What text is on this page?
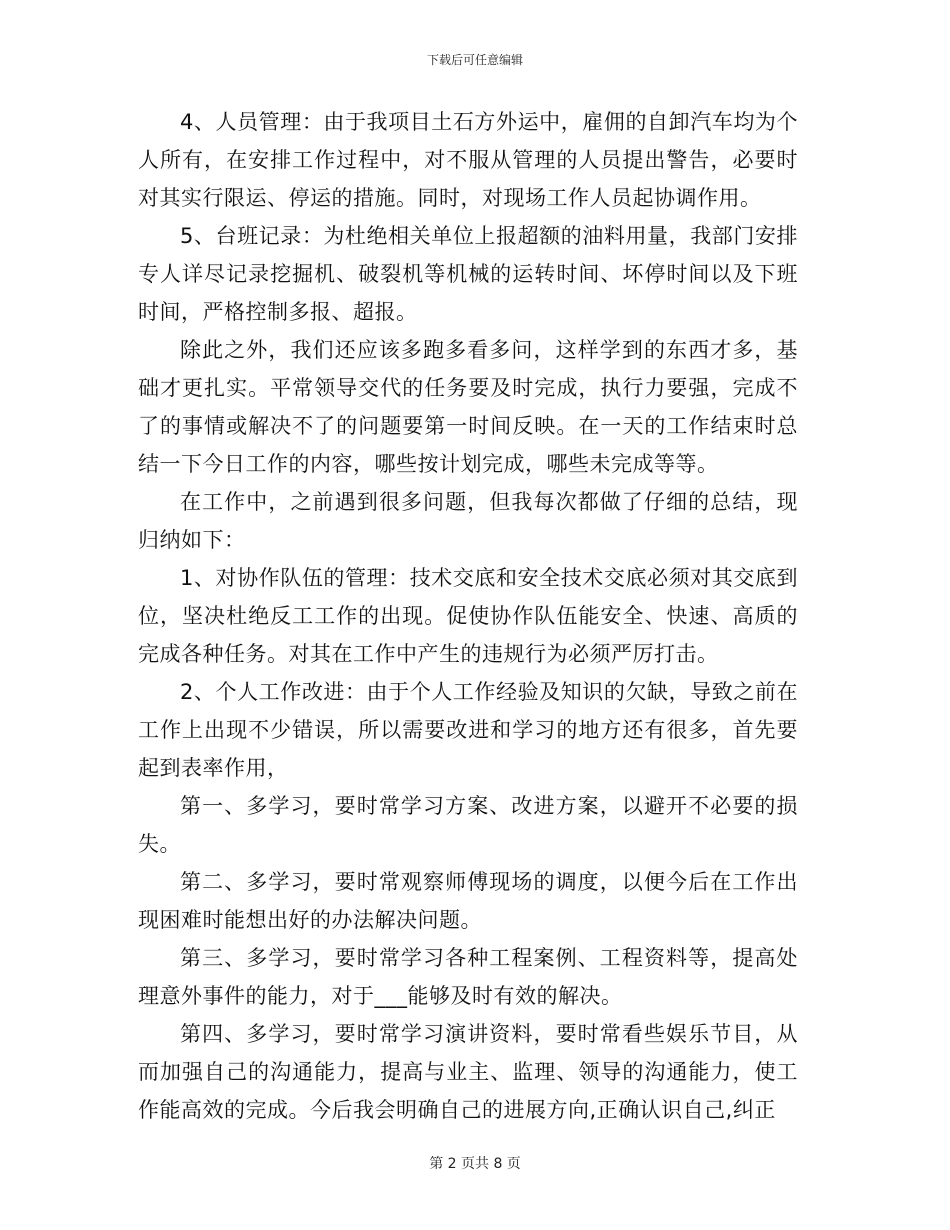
下载后可任意编辑

4、人员管理：由于我项目土石方外运中，雇佣的自卸汽车均为个人所有，在安排工作过程中，对不服从管理的人员提出警告，必要时对其实行限运、停运的措施。同时，对现场工作人员起协调作用。

5、台班记录：为杜绝相关单位上报超额的油料用量，我部门安排专人详尽记录挖掘机、破裂机等机械的运转时间、坏停时间以及下班时间，严格控制多报、超报。

除此之外，我们还应该多跑多看多问，这样学到的东西才多，基础才更扎实。平常领导交代的任务要及时完成，执行力要强，完成不了的事情或解决不了的问题要第一时间反映。在一天的工作结束时总结一下今日工作的内容，哪些按计划完成，哪些未完成等等。

在工作中，之前遇到很多问题，但我每次都做了仔细的总结，现归纳如下：

1、对协作队伍的管理：技术交底和安全技术交底必须对其交底到位，坚决杜绝反工工作的出现。促使协作队伍能安全、快速、高质的完成各种任务。对其在工作中产生的违规行为必须严厉打击。

2、个人工作改进：由于个人工作经验及知识的欠缺，导致之前在工作上出现不少错误，所以需要改进和学习的地方还有很多，首先要起到表率作用，

第一、多学习，要时常学习方案、改进方案，以避开不必要的损失。

第二、多学习，要时常观察师傅现场的调度，以便今后在工作出现困难时能想出好的办法解决问题。

第三、多学习，要时常学习各种工程案例、工程资料等，提高处理意外事件的能力，对于___能够及时有效的解决。

第四、多学习，要时常学习演讲资料，要时常看些娱乐节目，从而加强自己的沟通能力，提高与业主、监理、领导的沟通能力，使工作能高效的完成。今后我会明确自己的进展方向,正确认识自己,纠正

第 2 页共 8 页
